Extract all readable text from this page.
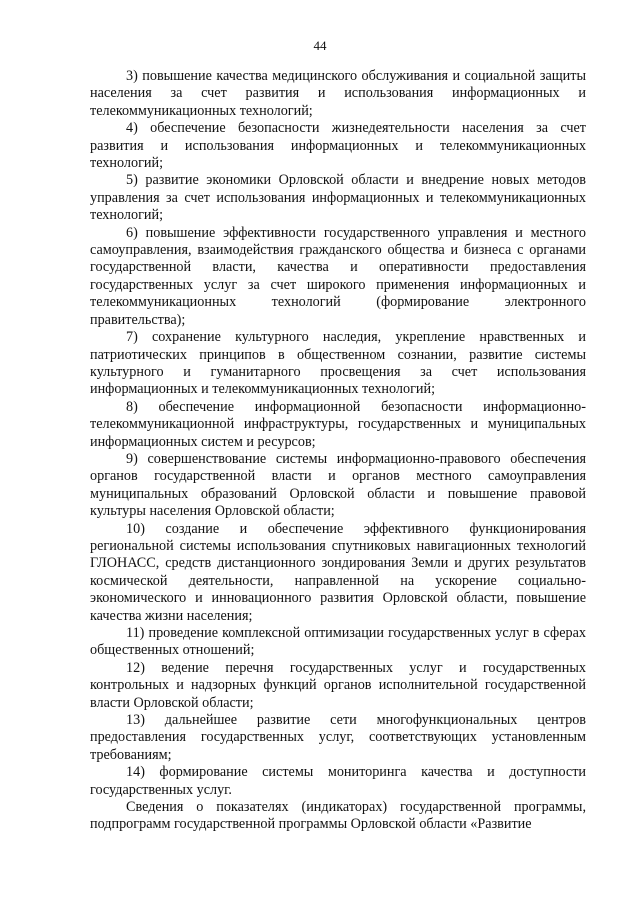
44

3) повышение качества медицинского обслуживания и социальной защиты населения за счет развития и использования информационных и телекоммуникационных технологий;

4) обеспечение безопасности жизнедеятельности населения за счет развития и использования информационных и телекоммуникационных технологий;

5) развитие экономики Орловской области и внедрение новых методов управления за счет использования информационных и телекоммуникационных технологий;

6) повышение эффективности государственного управления и местного самоуправления, взаимодействия гражданского общества и бизнеса с органами государственной власти, качества и оперативности предоставления государственных услуг за счет широкого применения информационных и телекоммуникационных технологий (формирование электронного правительства);

7) сохранение культурного наследия, укрепление нравственных и патриотических принципов в общественном сознании, развитие системы культурного и гуманитарного просвещения за счет использования информационных и телекоммуникационных технологий;

8) обеспечение информационной безопасности информационно-телекоммуникационной инфраструктуры, государственных и муниципальных информационных систем и ресурсов;

9) совершенствование системы информационно-правового обеспечения органов государственной власти и органов местного самоуправления муниципальных образований Орловской области и повышение правовой культуры населения Орловской области;

10) создание и обеспечение эффективного функционирования региональной системы использования спутниковых навигационных технологий ГЛОНАСС, средств дистанционного зондирования Земли и других результатов космической деятельности, направленной на ускорение социально-экономического и инновационного развития Орловской области, повышение качества жизни населения;

11) проведение комплексной оптимизации государственных услуг в сферах общественных отношений;

12) ведение перечня государственных услуг и государственных контрольных и надзорных функций органов исполнительной государственной власти Орловской области;

13) дальнейшее развитие сети многофункциональных центров предоставления государственных услуг, соответствующих установленным требованиям;

14) формирование системы мониторинга качества и доступности государственных услуг.

Сведения о показателях (индикаторах) государственной программы, подпрограмм государственной программы Орловской области «Развитие
